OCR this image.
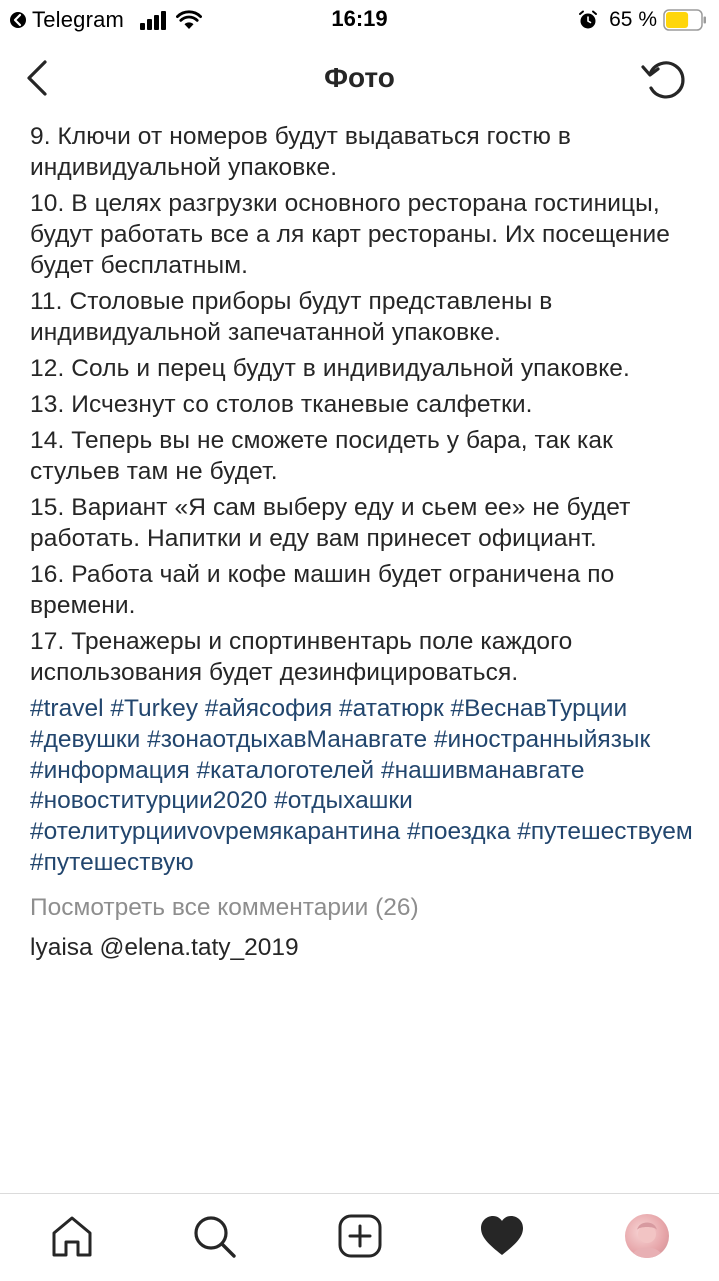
Telegram	16:19	65 %
Фото

9. Ключи от номеров будут выдаваться гостю в индивидуальной упаковке.

10. В целях разгрузки основного ресторана гостиницы, будут работать все а ля карт рестораны. Их посещение будет бесплатным.

11. Столовые приборы будут представлены в индивидуальной запечатанной упаковке.

12. Соль и перец будут в индивидуальной упаковке.

13. Исчезнут со столов тканевые салфетки.

14. Теперь вы не сможете посидеть у бара, так как стульев там не будет.

15. Вариант «Я сам выберу еду и сьем ее» не будет работать. Напитки и еду вам принесет официант.

16. Работа чай и кофе машин будет ограничена по времени.

17. Тренажеры и спортинвентарь поле каждого использования будет дезинфицироваться.

#travel #Turkey #айясофия #ататюрк #ВеснавТурции #девушки #зонаотдыхавМанавгате #иностранныйязык #информация #каталоготелей #нашивманавгате #новоститурции2020 #отдыхашки #отелитурцииvovремякарантина #поездка #путешествуем #путешествую
Посмотреть все комментарии (26)
lyaisa @elena.taty_2019
